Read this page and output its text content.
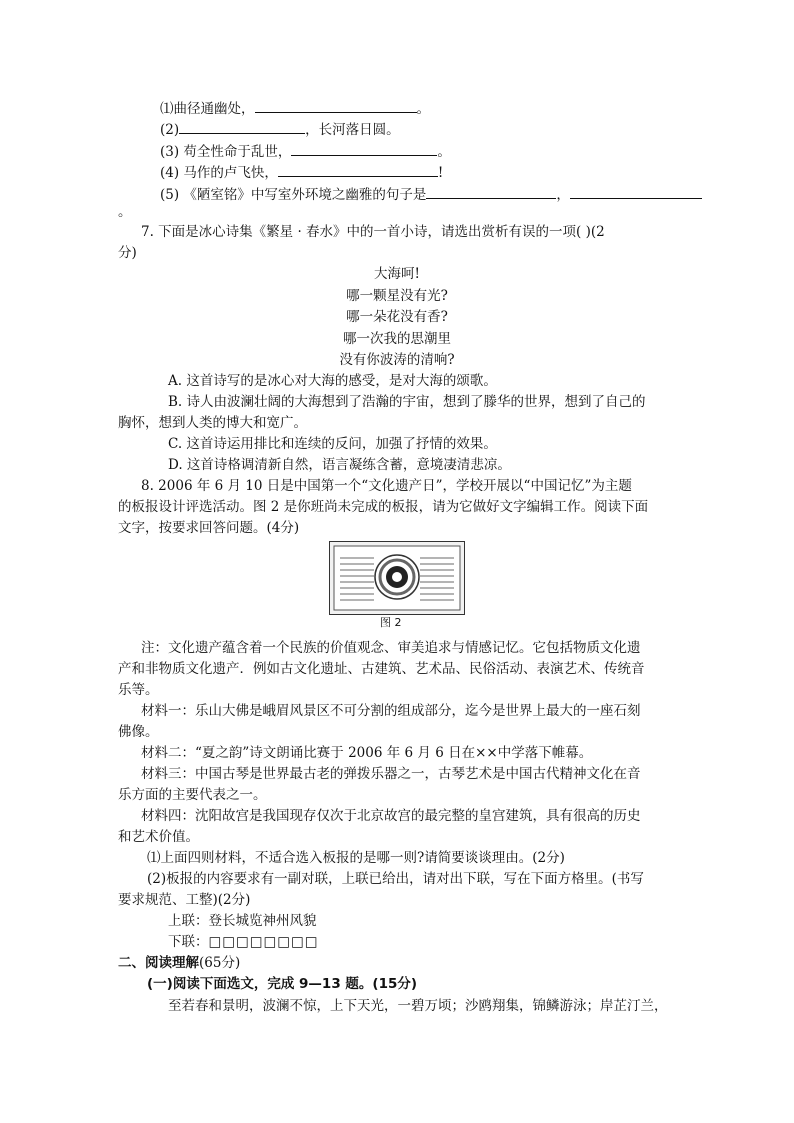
⑴曲径通幽处，	。
(2)	，长河落日圆。
(3) 苟全性命于乱世，	。
(4) 马作的卢飞快，	!
(5) 《陋室铭》中写室外环境之幽雅的句子是	，
。
7. 下面是冰心诗集《繁星 · 春水》中的一首小诗，请选出赏析有误的一项( )(2
分)
大海呵!
哪一颗星没有光?
哪一朵花没有香?
哪一次我的思潮里
没有你波涛的清响?
A. 这首诗写的是冰心对大海的感受，是对大海的颂歌。
B. 诗人由波澜壮阔的大海想到了浩瀚的宇宙，想到了滕华的世界，想到了自己的
胸怀，想到人类的博大和宽广。
C. 这首诗运用排比和连续的反问，加强了抒情的效果。
D. 这首诗格调清新自然，语言凝练含蓄，意境凄清悲凉。
8. 2006 年 6 月 10 日是中国第一个“文化遗产日”，学校开展以“中国记忆”为主题
的板报设计评选活动。图 2 是你班尚未完成的板报，请为它做好文字编辑工作。阅读下面
文字，按要求回答问题。(4分)
图 2
注：文化遗产蕴含着一个民族的价值观念、审美追求与情感记忆。它包括物质文化遗
产和非物质文化遗产．例如古文化遗址、古建筑、艺术品、民俗活动、表演艺术、传统音
乐等。
材料一：乐山大佛是峨眉风景区不可分割的组成部分，迄今是世界上最大的一座石刻
佛像。
材料二：“夏之韵”诗文朗诵比赛于 2006 年 6 月 6 日在××中学落下帷幕。
材料三：中国古琴是世界最古老的弹拨乐器之一，古琴艺术是中国古代精神文化在音
乐方面的主要代表之一。
材料四：沈阳故宫是我国现存仅次于北京故宫的最完整的皇宫建筑，具有很高的历史
和艺术价值。
⑴上面四则材料，不适合选入板报的是哪一则?请简要谈谈理由。(2分)
(2)板报的内容要求有一副对联，上联已给出，请对出下联，写在下面方格里。(书写
要求规范、工整)(2分)
上联：登长城览神州风貌
下联：□□□□□□□□
二、阅读理解(65分)
(一)阅读下面选文，完成 9—13 题。(15分)
至若春和景明，波澜不惊，上下天光，一碧万顷；沙鸥翔集，锦鳞游泳；岸芷汀兰，
